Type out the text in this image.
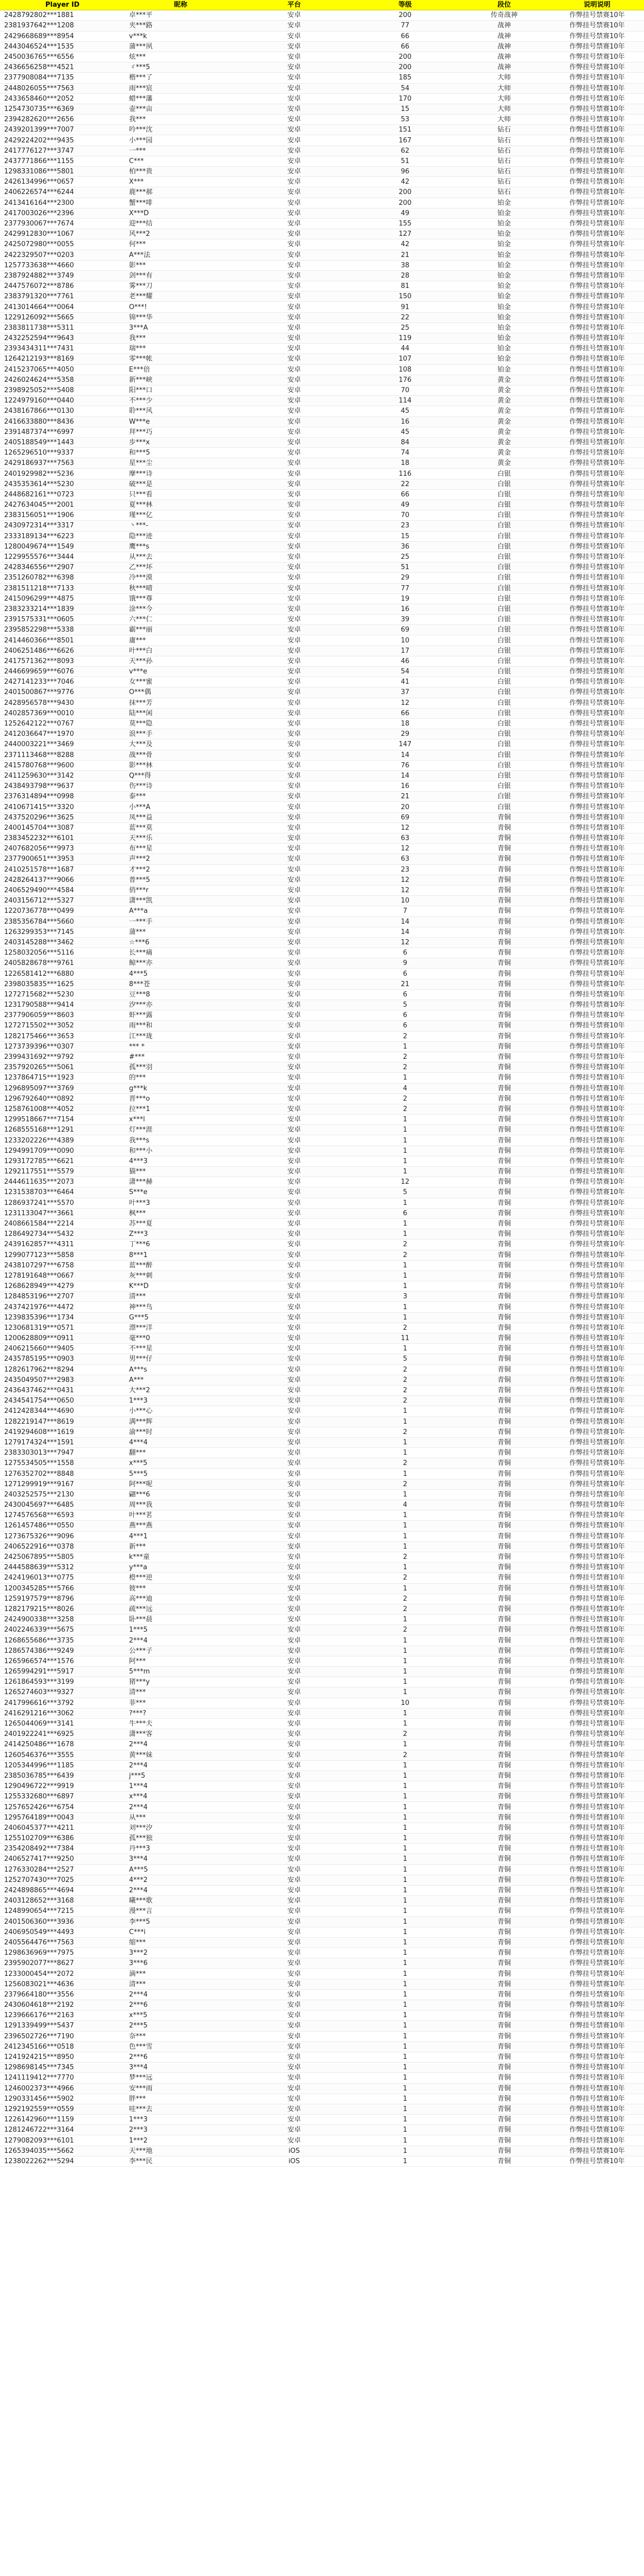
Player ID	昵称	平台	等级	段位	说明说明
2428792802***1881	卓***平	安卓	200	传奇战神	作弊挂号禁赛10年
2381937642***1208	夹***路	安卓	77	战神	作弊挂号禁赛10年
2429668689***8954	v***k	安卓	66	战神	作弊挂号禁赛10年
2443046524***1535	蒲***夙	安卓	66	战神	作弊挂号禁赛10年
2450036765***6556	炫***	安卓	200	战神	作弊挂号禁赛10年
2436656258***4521	ゞ***5	安卓	200	战神	作弊挂号禁赛10年
2377908084***7135	楷***了	安卓	185	大师	作弊挂号禁赛10年
2448026055***7563	雨***宸	安卓	54	大师	作弊挂号禁赛10年
2433658460***2052	蜡***藩	安卓	170	大师	作弊挂号禁赛10年
1254730735***6369	壶***亩	安卓	15	大师	作弊挂号禁赛10年
2394282620***2656	我***	安卓	53	大师	作弊挂号禁赛10年
2439201399***7007	吟***沈	安卓	151	钻石	作弊挂号禁赛10年
2429224202***9435	小***园	安卓	167	钻石	作弊挂号禁赛10年
2417776127***3747	一***	安卓	62	钻石	作弊挂号禁赛10年
2437771866***1155	C***	安卓	51	钻石	作弊挂号禁赛10年
1298331086***5801	柏***贵	安卓	96	钻石	作弊挂号禁赛10年
2426134996***0657	X***	安卓	42	钻石	作弊挂号禁赛10年
2406226574***6244	鹿***郝	安卓	200	钻石	作弊挂号禁赛10年
2413416164***2300	蟹***啡	安卓	200	铂金	作弊挂号禁赛10年
2417003026***2396	X***D	安卓	49	铂金	作弊挂号禁赛10年
2377930067***7674	迎***结	安卓	155	铂金	作弊挂号禁赛10年
2429912830***1067	风***2	安卓	127	铂金	作弊挂号禁赛10年
2425072980***0055	何***	安卓	42	铂金	作弊挂号禁赛10年
2422329507***0203	A***法	安卓	21	铂金	作弊挂号禁赛10年
1257733638***4660	影***	安卓	38	铂金	作弊挂号禁赛10年
2387924882***3749	剑***有	安卓	28	铂金	作弊挂号禁赛10年
2447576072***8786	雾***刀	安卓	81	铂金	作弊挂号禁赛10年
2383791320***7761	老***耀	安卓	150	铂金	作弊挂号禁赛10年
2413014664***0064	O***!	安卓	91	铂金	作弊挂号禁赛10年
1229126092***5665	锦***华	安卓	22	铂金	作弊挂号禁赛10年
2383811738***5311	3***A	安卓	25	铂金	作弊挂号禁赛10年
2432252594***9643	我***	安卓	119	铂金	作弊挂号禁赛10年
2393434311***7431	瑞***	安卓	44	铂金	作弊挂号禁赛10年
1264212193***8169	零***帐	安卓	107	铂金	作弊挂号禁赛10年
2415237065***4050	E***倍	安卓	108	铂金	作弊挂号禁赛10年
2426024624***5358	新***峡	安卓	176	黄金	作弊挂号禁赛10年
2398925052***5408	阳***口	安卓	70	黄金	作弊挂号禁赛10年
1224979160***0440	不***少	安卓	114	黄金	作弊挂号禁赛10年
2438167866***0130	聆***风	安卓	45	黄金	作弊挂号禁赛10年
2416633880***8436	W***e	安卓	16	黄金	作弊挂号禁赛10年
2391487374***6997	拜***巧	安卓	45	黄金	作弊挂号禁赛10年
2405188549***1443	步***x	安卓	84	黄金	作弊挂号禁赛10年
1265296510***9337	和***5	安卓	74	黄金	作弊挂号禁赛10年
2429186937***7563	星***尘	安卓	18	黄金	作弊挂号禁赛10年
2401929982***5236	摩***诗	安卓	116	白银	作弊挂号禁赛10年
2435353614***5230	破***是	安卓	22	白银	作弊挂号禁赛10年
2448682161***0723	只***看	安卓	66	白银	作弊挂号禁赛10年
2427634045***2001	夏***林	安卓	49	白银	作弊挂号禁赛10年
2383156051***1906	瑾***亿	安卓	70	白银	作弊挂号禁赛10年
2430972314***3317	丶***-	安卓	23	白银	作弊挂号禁赛10年
2333189134***6223	隐***迹	安卓	15	白银	作弊挂号禁赛10年
1280049674***1549	鹰***s	安卓	36	白银	作弊挂号禁赛10年
1229955576***3444	从***去	安卓	25	白银	作弊挂号禁赛10年
2428346556***2907	乙***坏	安卓	51	白银	作弊挂号禁赛10年
2351260782***6398	冷***漠	安卓	29	白银	作弊挂号禁赛10年
2381511218***7133	秋***晴	安卓	77	白银	作弊挂号禁赛10年
2415096299***4875	饿***尊	安卓	19	白银	作弊挂号禁赛10年
2383233214***1839	涂***今	安卓	16	白银	作弊挂号禁赛10年
2391575331***0605	六***仁	安卓	39	白银	作弊挂号禁赛10年
2395852298***5338	霸***丽	安卓	69	白银	作弊挂号禁赛10年
2414460366***8501	庸***	安卓	10	白银	作弊挂号禁赛10年
2406251486***6626	叶***白	安卓	17	白银	作弊挂号禁赛10年
2417571362***8093	天***孙	安卓	46	白银	作弊挂号禁赛10年
2446699659***6076	v***e	安卓	54	白银	作弊挂号禁赛10年
2427141233***7046	女***蜜	安卓	41	白银	作弊挂号禁赛10年
2401500867***9776	O***偶	安卓	37	白银	作弊挂号禁赛10年
2428956578***9430	抹***芳	安卓	12	白银	作弊挂号禁赛10年
2402857369***0010	陆***闲	安卓	66	白银	作弊挂号禁赛10年
1252642122***0767	莫***隐	安卓	18	白银	作弊挂号禁赛10年
2412036647***1970	浪***手	安卓	29	白银	作弊挂号禁赛10年
2440003221***3469	大***及	安卓	147	白银	作弊挂号禁赛10年
2371113468***8288	战***骨	安卓	14	白银	作弊挂号禁赛10年
2415780768***9600	影***林	安卓	76	白银	作弊挂号禁赛10年
2411259630***3142	Q***得	安卓	14	白银	作弊挂号禁赛10年
2438493798***9637	伤***诗	安卓	16	白银	作弊挂号禁赛10年
2376314894***0998	泰***	安卓	21	白银	作弊挂号禁赛10年
2410671415***3320	小***A	安卓	20	白银	作弊挂号禁赛10年
2437520296***3625	凤***益	安卓	69	青铜	作弊挂号禁赛10年
2400145704***3087	蓝***莫	安卓	12	青铜	作弊挂号禁赛10年
2383452232***6101	天***乐	安卓	63	青铜	作弊挂号禁赛10年
2407682056***9973	布***星	安卓	12	青铜	作弊挂号禁赛10年
2377900651***3953	声***2	安卓	63	青铜	作弊挂号禁赛10年
2410251578***1687	才***2	安卓	23	青铜	作弊挂号禁赛10年
2428264137***9066	普***5	安卓	12	青铜	作弊挂号禁赛10年
2406529490***4584	俏***r	安卓	12	青铜	作弊挂号禁赛10年
2403156712***5327	潇***凯	安卓	10	青铜	作弊挂号禁赛10年
1220736778***0499	A***a	安卓	7	青铜	作弊挂号禁赛10年
2385356784***5660	一***手	安卓	14	青铜	作弊挂号禁赛10年
1263299353***7145	蒲***	安卓	14	青铜	作弊挂号禁赛10年
2403145288***3462	☆***6	安卓	12	青铜	作弊挂号禁赛10年
1258032056***5116	长***痛	安卓	6	青铜	作弊挂号禁赛10年
2405828678***9761	鲸***亦	安卓	9	青铜	作弊挂号禁赛10年
1226581412***6880	4***5	安卓	6	青铜	作弊挂号禁赛10年
2398035835***1625	8***苍	安卓	21	青铜	作弊挂号禁赛10年
1272715682***5230	豆***8	安卓	6	青铜	作弊挂号禁赛10年
1231790588***9414	汐***亦	安卓	5	青铜	作弊挂号禁赛10年
2377906059***8603	虾***露	安卓	6	青铜	作弊挂号禁赛10年
1272715502***3052	雨***和	安卓	6	青铜	作弊挂号禁赛10年
1282175466***3653	江***珑	安卓	2	青铜	作弊挂号禁赛10年
1273739396***0307	*** *	安卓	1	青铜	作弊挂号禁赛10年
2399431692***9792	#***	安卓	2	青铜	作弊挂号禁赛10年
2357920265***5061	孤***羽	安卓	2	青铜	作弊挂号禁赛10年
1237864715***1923	的***	安卓	1	青铜	作弊挂号禁赛10年
1296895097***3769	g***k	安卓	4	青铜	作弊挂号禁赛10年
1296792640***0892	晋***o	安卓	2	青铜	作弊挂号禁赛10年
1258761008***4052	拉***1	安卓	2	青铜	作弊挂号禁赛10年
1299518667***7154	x***l	安卓	1	青铜	作弊挂号禁赛10年
1268555168***1291	灯***涯	安卓	1	青铜	作弊挂号禁赛10年
1233202226***4389	我***s	安卓	1	青铜	作弊挂号禁赛10年
1294991709***0090	和***小	安卓	1	青铜	作弊挂号禁赛10年
1293172785***6621	4***3	安卓	1	青铜	作弊挂号禁赛10年
1292117551***5579	猫***	安卓	1	青铜	作弊挂号禁赛10年
2444611635***2073	潇***赫	安卓	12	青铜	作弊挂号禁赛10年
1231538703***6464	S***e	安卓	5	青铜	作弊挂号禁赛10年
1286937241***5570	叶***3	安卓	1	青铜	作弊挂号禁赛10年
1231133047***3661	枫***	安卓	6	青铜	作弊挂号禁赛10年
2408661584***2214	苏***夏	安卓	1	青铜	作弊挂号禁赛10年
1286492734***5432	Z***3	安卓	1	青铜	作弊挂号禁赛10年
2439162857***4311	丁***6	安卓	2	青铜	作弊挂号禁赛10年
1299077123***5858	8***1	安卓	2	青铜	作弊挂号禁赛10年
2438107297***6758	蓝***醉	安卓	1	青铜	作弊挂号禁赛10年
1278191648***0667	灰***刺	安卓	1	青铜	作弊挂号禁赛10年
1268628949***4279	K***D	安卓	1	青铜	作弊挂号禁赛10年
1284853196***2707	清***	安卓	3	青铜	作弊挂号禁赛10年
2437421976***4472	神***鸟	安卓	1	青铜	作弊挂号禁赛10年
1239835396***1734	G***5	安卓	1	青铜	作弊挂号禁赛10年
1230681319***0571	漂***洋	安卓	2	青铜	作弊挂号禁赛10年
1200628809***0911	毫***0	安卓	11	青铜	作弊挂号禁赛10年
2406215660***9405	不***星	安卓	1	青铜	作弊挂号禁赛10年
2435785195***0903	男***仔	安卓	5	青铜	作弊挂号禁赛10年
1282617962***8294	A***s	安卓	2	青铜	作弊挂号禁赛10年
2435049507***2983	A***	安卓	2	青铜	作弊挂号禁赛10年
2436437462***0431	大***2	安卓	2	青铜	作弊挂号禁赛10年
2434541754***0650	1***3	安卓	2	青铜	作弊挂号禁赛10年
2412428344***4690	小***心	安卓	1	青铜	作弊挂号禁赛10年
1282219147***8619	满***辉	安卓	1	青铜	作弊挂号禁赛10年
2419294608***1619	渝***时	安卓	2	青铜	作弊挂号禁赛10年
1279174324***1591	4***4	安卓	1	青铜	作弊挂号禁赛10年
2383303013***7947	翻***	安卓	1	青铜	作弊挂号禁赛10年
1275534505***1558	x***5	安卓	2	青铜	作弊挂号禁赛10年
1276352702***8848	5***5	安卓	1	青铜	作弊挂号禁赛10年
1271299919***9167	阿***呢	安卓	2	青铜	作弊挂号禁赛10年
2403252575***2130	翩***6	安卓	1	青铜	作弊挂号禁赛10年
2430045697***6485	周***我	安卓	4	青铜	作弊挂号禁赛10年
1274576568***6593	叶***茗	安卓	1	青铜	作弊挂号禁赛10年
1261457486***0550	燕***燕	安卓	1	青铜	作弊挂号禁赛10年
1273675326***9096	4***1	安卓	1	青铜	作弊挂号禁赛10年
2406522916***0378	新***	安卓	1	青铜	作弊挂号禁赛10年
2425067895***5805	k***童	安卓	2	青铜	作弊挂号禁赛10年
2444588639***5312	y***a	安卓	1	青铜	作弊挂号禁赛10年
2424196013***0775	橙***逆	安卓	2	青铜	作弊挂号禁赛10年
1200345285***5766	彼***	安卓	1	青铜	作弊挂号禁赛10年
1259197579***8796	高***迪	安卓	2	青铜	作弊挂号禁赛10年
1282179215***8026	疏***远	安卓	2	青铜	作弊挂号禁赛10年
2424900338***3258	卧***晨	安卓	1	青铜	作弊挂号禁赛10年
2402246339***5675	1***5	安卓	2	青铜	作弊挂号禁赛10年
1268655686***3735	2***4	安卓	1	青铜	作弊挂号禁赛10年
1286574386***9249	公***子	安卓	1	青铜	作弊挂号禁赛10年
1265966574***1576	阿***	安卓	1	青铜	作弊挂号禁赛10年
1265994291***5917	5***m	安卓	1	青铜	作弊挂号禁赛10年
1261864593***3199	猪***y	安卓	1	青铜	作弊挂号禁赛10年
1265274603***9327	清***	安卓	1	青铜	作弊挂号禁赛10年
2417996616***3792	菲***	安卓	10	青铜	作弊挂号禁赛10年
2416291216***3062	?***?	安卓	1	青铜	作弊挂号禁赛10年
1265044069***3141	牛***夫	安卓	1	青铜	作弊挂号禁赛10年
2401922241***6925	潇***客	安卓	2	青铜	作弊挂号禁赛10年
2414250486***1678	2***4	安卓	1	青铜	作弊挂号禁赛10年
1260546376***3555	黄***妹	安卓	2	青铜	作弊挂号禁赛10年
1205344996***1185	2***4	安卓	1	青铜	作弊挂号禁赛10年
2385036785***6439	j***5	安卓	1	青铜	作弊挂号禁赛10年
1290496722***9919	1***4	安卓	1	青铜	作弊挂号禁赛10年
1255332680***6897	x***4	安卓	1	青铜	作弊挂号禁赛10年
1257652426***6754	2***4	安卓	1	青铜	作弊挂号禁赛10年
1295764189***0043	从***	安卓	1	青铜	作弊挂号禁赛10年
2406045377***4211	刘***汐	安卓	1	青铜	作弊挂号禁赛10年
1255102709***6386	孤***独	安卓	1	青铜	作弊挂号禁赛10年
2354208492***7384	丹***3	安卓	1	青铜	作弊挂号禁赛10年
2406527417***9250	3***4	安卓	1	青铜	作弊挂号禁赛10年
1276330284***2527	A***5	安卓	1	青铜	作弊挂号禁赛10年
1252707430***7025	4***2	安卓	1	青铜	作弊挂号禁赛10年
2424898865***4694	2***4	安卓	1	青铜	作弊挂号禁赛10年
2403128652***3168	曦***歌	安卓	1	青铜	作弊挂号禁赛10年
1248990654***7215	漫***言	安卓	1	青铜	作弊挂号禁赛10年
2401506360***3936	李***5	安卓	1	青铜	作弊挂号禁赛10年
2406950549***4493	C***i	安卓	1	青铜	作弊挂号禁赛10年
2405564476***7563	缩***	安卓	1	青铜	作弊挂号禁赛10年
1298636969***7975	3***2	安卓	1	青铜	作弊挂号禁赛10年
2395902077***8627	3***6	安卓	1	青铜	作弊挂号禁赛10年
1233000454***2072	滴***	安卓	1	青铜	作弊挂号禁赛10年
1256083021***4636	清***	安卓	1	青铜	作弊挂号禁赛10年
2379664180***3556	2***4	安卓	1	青铜	作弊挂号禁赛10年
2430604618***2192	2***6	安卓	1	青铜	作弊挂号禁赛10年
1239666176***2163	x***5	安卓	1	青铜	作弊挂号禁赛10年
1291339499***5437	2***5	安卓	1	青铜	作弊挂号禁赛10年
2396502726***7190	奈***	安卓	1	青铜	作弊挂号禁赛10年
2412345166***0518	色***雪	安卓	1	青铜	作弊挂号禁赛10年
1241924215***8950	2***6	安卓	1	青铜	作弊挂号禁赛10年
1298698145***7345	3***4	安卓	1	青铜	作弊挂号禁赛10年
1241119412***7770	梦***远	安卓	1	青铜	作弊挂号禁赛10年
1246002373***4966	安***雨	安卓	1	青铜	作弊挂号禁赛10年
1290331456***5902	胖***	安卓	1	青铜	作弊挂号禁赛10年
1292192559***0559	哇***去	安卓	1	青铜	作弊挂号禁赛10年
1226142960***1159	1***3	安卓	1	青铜	作弊挂号禁赛10年
1281246722***3164	2***3	安卓	1	青铜	作弊挂号禁赛10年
1279082093***6101	1***2	安卓	1	青铜	作弊挂号禁赛10年
1265394035***5662	天***地	iOS	1	青铜	作弊挂号禁赛10年
1238022262***5294	李***民	iOS	1	青铜	作弊挂号禁赛10年
